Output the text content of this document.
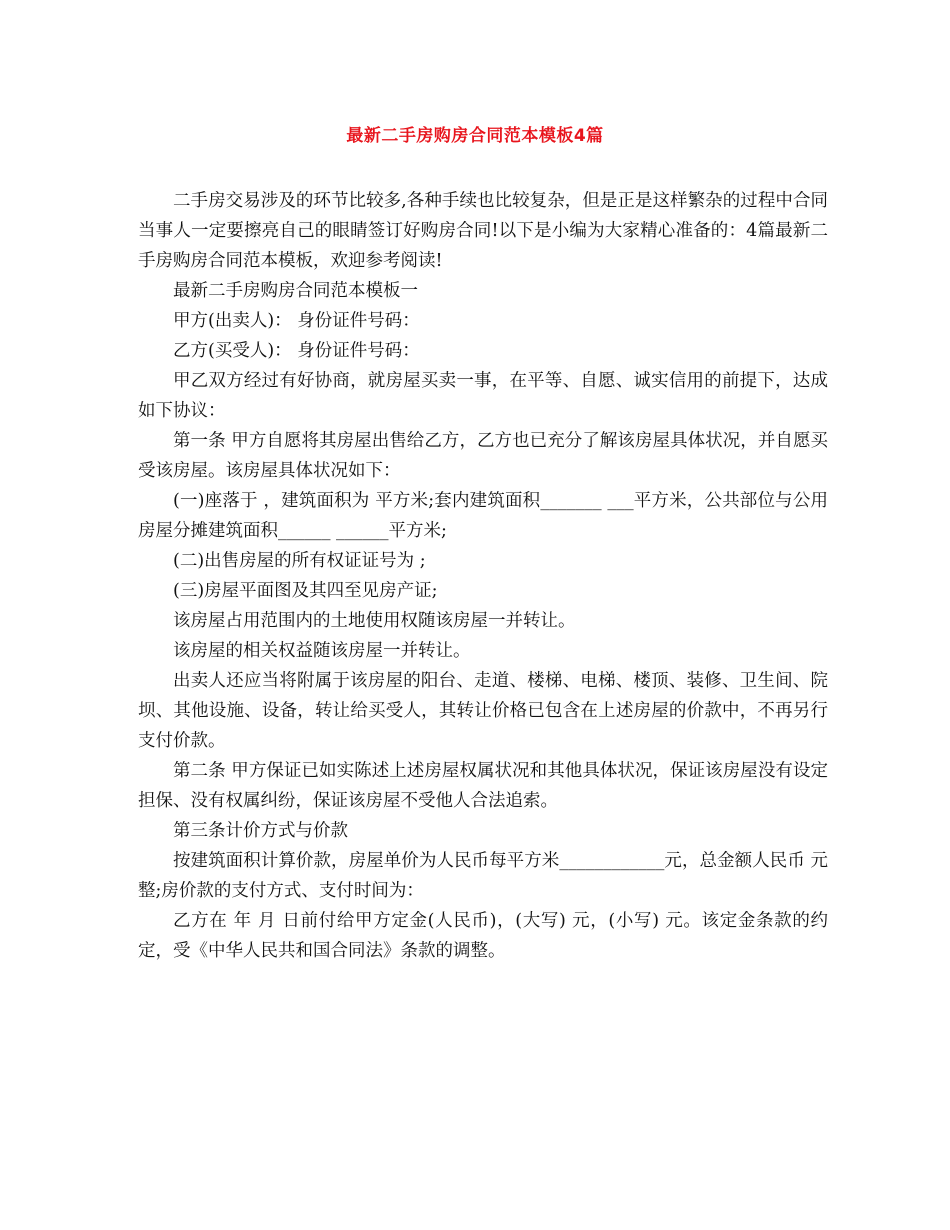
最新二手房购房合同范本模板4篇

二手房交易涉及的环节比较多,各种手续也比较复杂，但是正是这样繁杂的过程中合同当事人一定要擦亮自己的眼睛签订好购房合同!以下是小编为大家精心准备的：4篇最新二手房购房合同范本模板，欢迎参考阅读!

最新二手房购房合同范本模板一

甲方(出卖人)： 身份证件号码：

乙方(买受人)： 身份证件号码：

甲乙双方经过有好协商，就房屋买卖一事，在平等、自愿、诚实信用的前提下，达成如下协议：

第一条 甲方自愿将其房屋出售给乙方，乙方也已充分了解该房屋具体状况，并自愿买受该房屋。该房屋具体状况如下：

(一)座落于 ，建筑面积为 平方米;套内建筑面积_______ ___平方米，公共部位与公用房屋分摊建筑面积______ ______平方米;

(二)出售房屋的所有权证证号为 ;

(三)房屋平面图及其四至见房产证;

该房屋占用范围内的土地使用权随该房屋一并转让。

该房屋的相关权益随该房屋一并转让。

出卖人还应当将附属于该房屋的阳台、走道、楼梯、电梯、楼顶、装修、卫生间、院坝、其他设施、设备，转让给买受人，其转让价格已包含在上述房屋的价款中，不再另行支付价款。

第二条 甲方保证已如实陈述上述房屋权属状况和其他具体状况，保证该房屋没有设定担保、没有权属纠纷，保证该房屋不受他人合法追索。

第三条计价方式与价款

按建筑面积计算价款，房屋单价为人民币每平方米____________元，总金额人民币 元整;房价款的支付方式、支付时间为：

乙方在 年 月 日前付给甲方定金(人民币)，(大写) 元，(小写) 元。该定金条款的约定，受《中华人民共和国合同法》条款的调整。
